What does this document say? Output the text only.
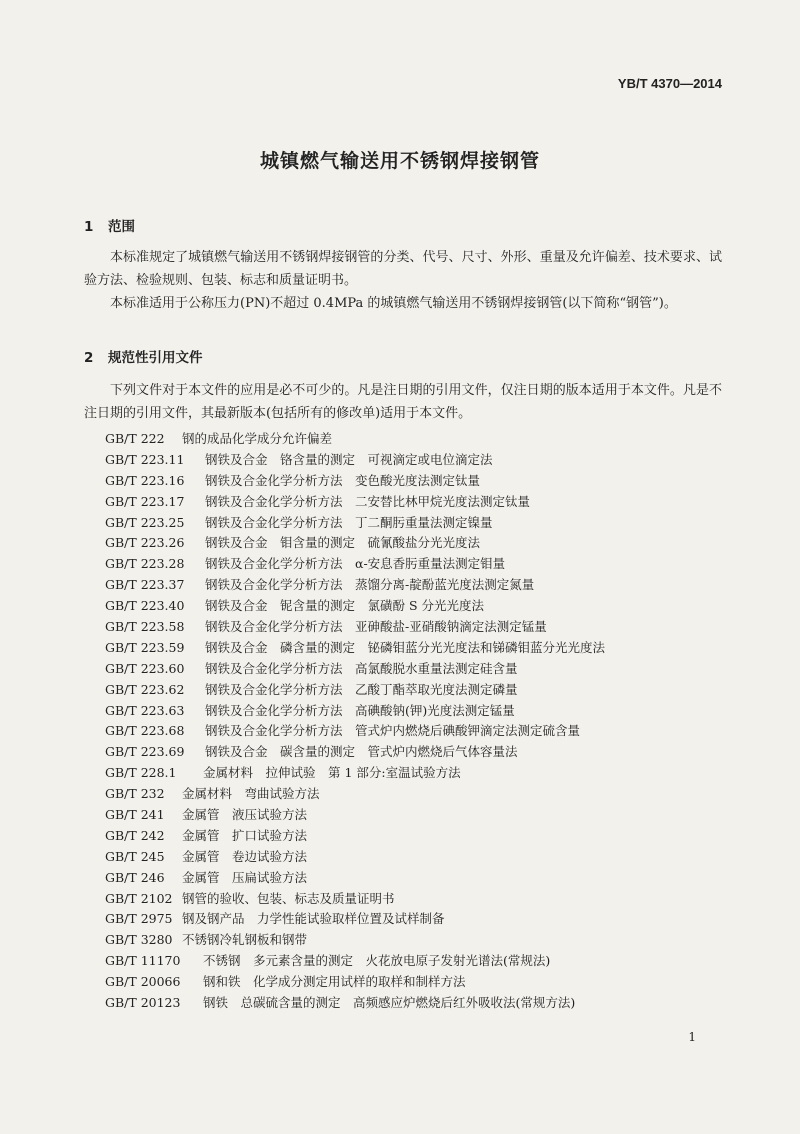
YB/T 4370—2014
城镇燃气输送用不锈钢焊接钢管
1 范围
本标准规定了城镇燃气输送用不锈钢焊接钢管的分类、代号、尺寸、外形、重量及允许偏差、技术要求、试验方法、检验规则、包装、标志和质量证明书。
本标准适用于公称压力(PN)不超过 0.4MPa 的城镇燃气输送用不锈钢焊接钢管(以下简称“钢管”)。
2 规范性引用文件
下列文件对于本文件的应用是必不可少的。凡是注日期的引用文件，仅注日期的版本适用于本文件。凡是不注日期的引用文件，其最新版本(包括所有的修改单)适用于本文件。
GB/T 222 钢的成品化学成分允许偏差
GB/T 223.11 钢铁及合金　铬含量的测定　可视滴定或电位滴定法
GB/T 223.16 钢铁及合金化学分析方法　变色酸光度法测定钛量
GB/T 223.17 钢铁及合金化学分析方法　二安替比林甲烷光度法测定钛量
GB/T 223.25 钢铁及合金化学分析方法　丁二酮肟重量法测定镍量
GB/T 223.26 钢铁及合金　钼含量的测定　硫氰酸盐分光光度法
GB/T 223.28 钢铁及合金化学分析方法　α-安息香肟重量法测定钼量
GB/T 223.37 钢铁及合金化学分析方法　蒸馏分离-靛酚蓝光度法测定氮量
GB/T 223.40 钢铁及合金　铌含量的测定　氯磺酚 S 分光光度法
GB/T 223.58 钢铁及合金化学分析方法　亚砷酸盐-亚硝酸钠滴定法测定锰量
GB/T 223.59 钢铁及合金　磷含量的测定　铋磷钼蓝分光光度法和锑磷钼蓝分光光度法
GB/T 223.60 钢铁及合金化学分析方法　高氯酸脱水重量法测定硅含量
GB/T 223.62 钢铁及合金化学分析方法　乙酸丁酯萃取光度法测定磷量
GB/T 223.63 钢铁及合金化学分析方法　高碘酸钠(钾)光度法测定锰量
GB/T 223.68 钢铁及合金化学分析方法　管式炉内燃烧后碘酸钾滴定法测定硫含量
GB/T 223.69 钢铁及合金　碳含量的测定　管式炉内燃烧后气体容量法
GB/T 228.1 金属材料　拉伸试验　第 1 部分:室温试验方法
GB/T 232 金属材料　弯曲试验方法
GB/T 241 金属管　液压试验方法
GB/T 242 金属管　扩口试验方法
GB/T 245 金属管　卷边试验方法
GB/T 246 金属管　压扁试验方法
GB/T 2102 钢管的验收、包装、标志及质量证明书
GB/T 2975 钢及钢产品　力学性能试验取样位置及试样制备
GB/T 3280 不锈钢冷轧钢板和钢带
GB/T 11170 不锈钢　多元素含量的测定　火花放电原子发射光谱法(常规法)
GB/T 20066 钢和铁　化学成分测定用试样的取样和制样方法
GB/T 20123 钢铁　总碳硫含量的测定　高频感应炉燃烧后红外吸收法(常规方法)
1
